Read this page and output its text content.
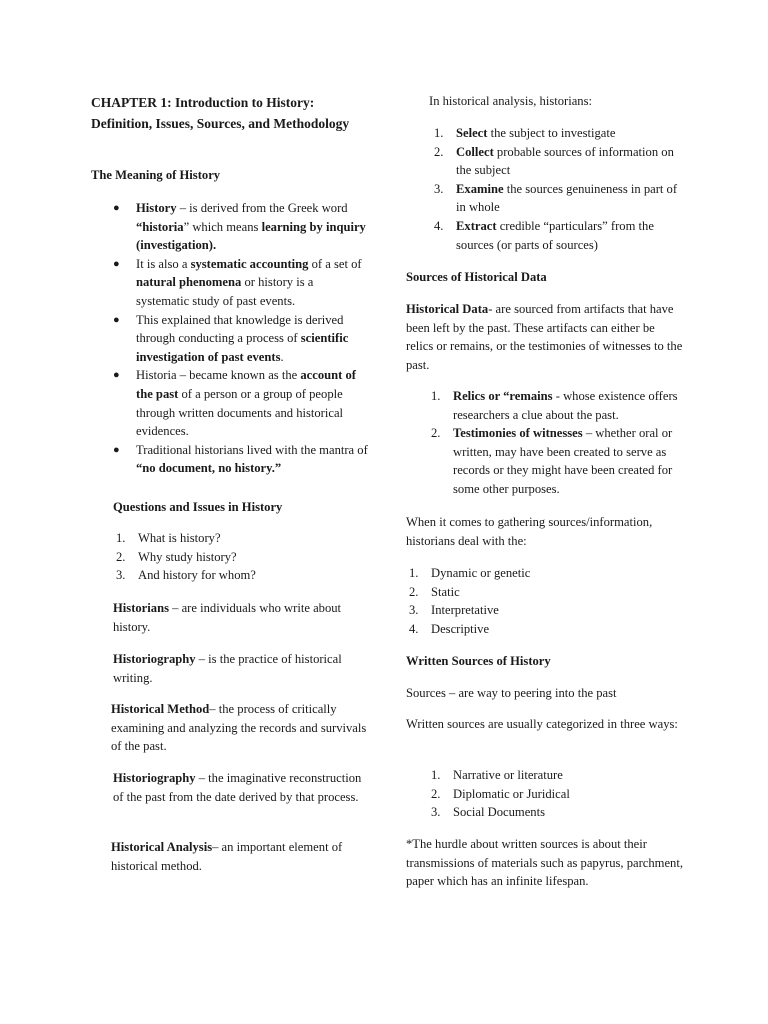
CHAPTER 1: Introduction to History: Definition, Issues, Sources, and Methodology
The Meaning of History
● History – is derived from the Greek word “historia” which means learning by inquiry (investigation).
● It is also a systematic accounting of a set of natural phenomena or history is a systematic study of past events.
● This explained that knowledge is derived through conducting a process of scientific investigation of past events.
● Historia – became known as the account of the past of a person or a group of people through written documents and historical evidences.
● Traditional historians lived with the mantra of “no document, no history.”
Questions and Issues in History
1. What is history?
2. Why study history?
3. And history for whom?

Historians – are individuals who write about history.

Historiography – is the practice of historical writing.

Historical Method– the process of critically examining and analyzing the records and survivals of the past.

Historiography – the imaginative reconstruction of the past from the date derived by that process.

Historical Analysis– an important element of historical method.

In historical analysis, historians:

1. Select the subject to investigate
2. Collect probable sources of information on the subject
3. Examine the sources genuineness in part of in whole
4. Extract credible “particulars” from the sources (or parts of sources)
Sources of Historical Data

Historical Data- are sourced from artifacts that have been left by the past. These artifacts can either be relics or remains, or the testimonies of witnesses to the past.

1. Relics or “remains - whose existence offers researchers a clue about the past.
2. Testimonies of witnesses – whether oral or written, may have been created to serve as records or they might have been created for some other purposes.

When it comes to gathering sources/information, historians deal with the:

1. Dynamic or genetic
2. Static
3. Interpretative
4. Descriptive
Written Sources of History

Sources – are way to peering into the past

Written sources are usually categorized in three ways:

1. Narrative or literature
2. Diplomatic or Juridical
3. Social Documents

*The hurdle about written sources is about their transmissions of materials such as papyrus, parchment, paper which has an infinite lifespan.
